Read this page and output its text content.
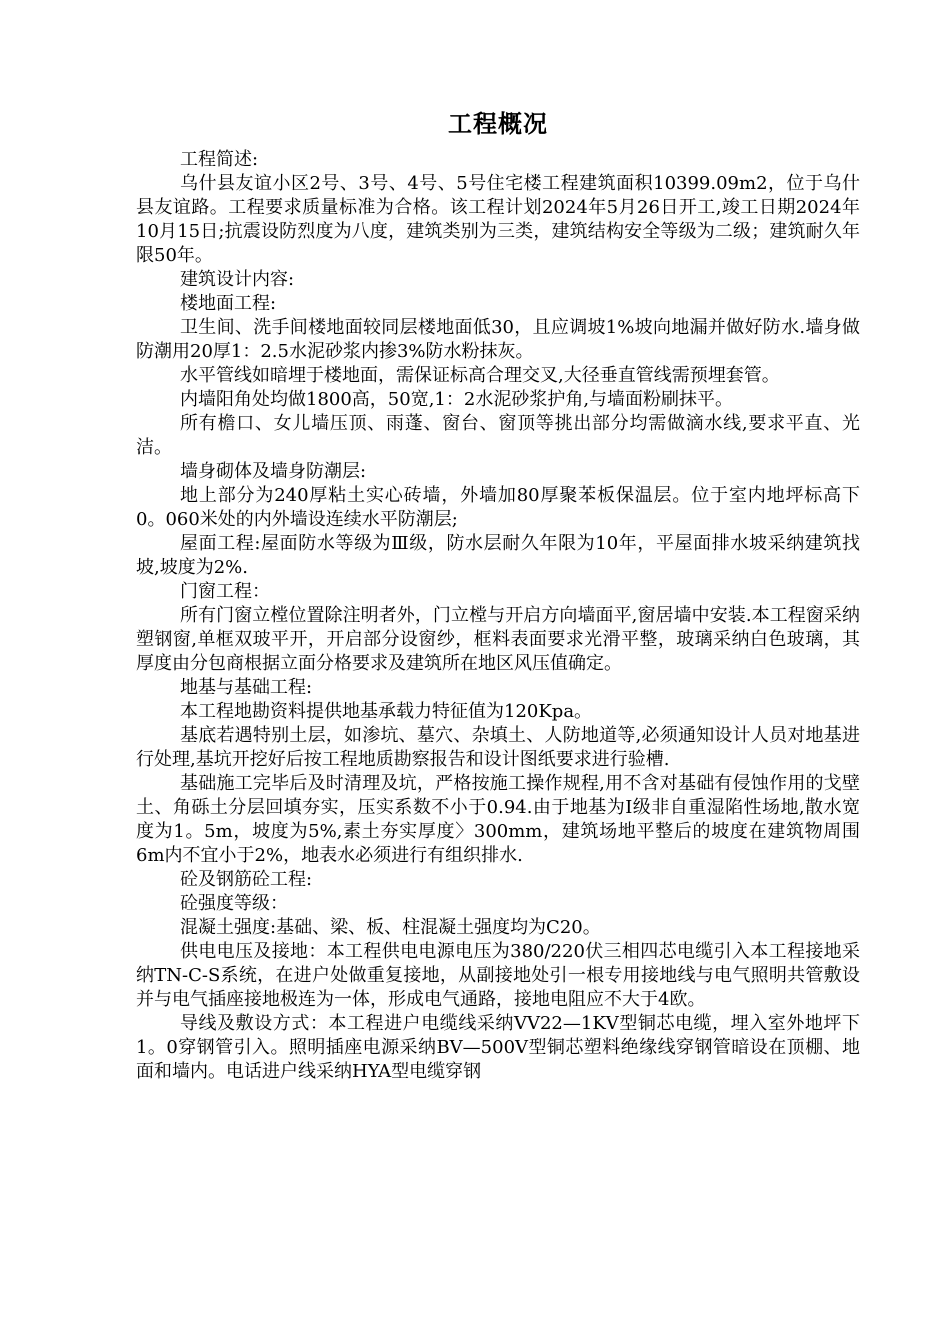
工程概况

工程简述:

乌什县友谊小区2号、3号、4号、5号住宅楼工程建筑面积10399.09m2，位于乌什县友谊路。工程要求质量标准为合格。该工程计划2024年5月26日开工,竣工日期2024年10月15日;抗震设防烈度为八度，建筑类别为三类，建筑结构安全等级为二级；建筑耐久年限50年。

建筑设计内容:

楼地面工程:

卫生间、洗手间楼地面较同层楼地面低30，且应调坡1%坡向地漏并做好防水.墙身做防潮用20厚1：2.5水泥砂浆内掺3%防水粉抹灰。

水平管线如暗埋于楼地面，需保证标高合理交叉,大径垂直管线需预埋套管。

内墙阳角处均做1800高，50宽,1：2水泥砂浆护角,与墙面粉刷抹平。

所有檐口、女儿墙压顶、雨蓬、窗台、窗顶等挑出部分均需做滴水线,要求平直、光洁。

墙身砌体及墙身防潮层:

地上部分为240厚粘土实心砖墙，外墙加80厚聚苯板保温层。位于室内地坪标高下0。060米处的内外墙设连续水平防潮层;

屋面工程:屋面防水等级为Ⅲ级，防水层耐久年限为10年，平屋面排水坡采纳建筑找坡,坡度为2%.

门窗工程：

所有门窗立樘位置除注明者外，门立樘与开启方向墙面平,窗居墙中安装.本工程窗采纳塑钢窗,单框双玻平开，开启部分设窗纱，框料表面要求光滑平整，玻璃采纳白色玻璃，其厚度由分包商根据立面分格要求及建筑所在地区风压值确定。

地基与基础工程:

本工程地勘资料提供地基承载力特征值为120Kpa。

基底若遇特别土层，如渗坑、墓穴、杂填土、人防地道等,必须通知设计人员对地基进行处理,基坑开挖好后按工程地质勘察报告和设计图纸要求进行验槽.

基础施工完毕后及时清理及坑，严格按施工操作规程,用不含对基础有侵蚀作用的戈壁土、角砾土分层回填夯实，压实系数不小于0.94.由于地基为Ⅰ级非自重湿陷性场地,散水宽度为1。5m，坡度为5%,素土夯实厚度〉300mm，建筑场地平整后的坡度在建筑物周围6m内不宜小于2%，地表水必须进行有组织排水.

砼及钢筋砼工程:

砼强度等级：

混凝土强度:基础、梁、板、柱混凝土强度均为C20。

供电电压及接地：本工程供电电源电压为380/220伏三相四芯电缆引入本工程接地采纳TN-C-S系统，在进户处做重复接地，从副接地处引一根专用接地线与电气照明共管敷设并与电气插座接地极连为一体，形成电气通路，接地电阻应不大于4欧。

导线及敷设方式：本工程进户电缆线采纳VV22—1KV型铜芯电缆，埋入室外地坪下1。0穿钢管引入。照明插座电源采纳BV—500V型铜芯塑料绝缘线穿钢管暗设在顶棚、地面和墙内。电话进户线采纳HYA型电缆穿钢
